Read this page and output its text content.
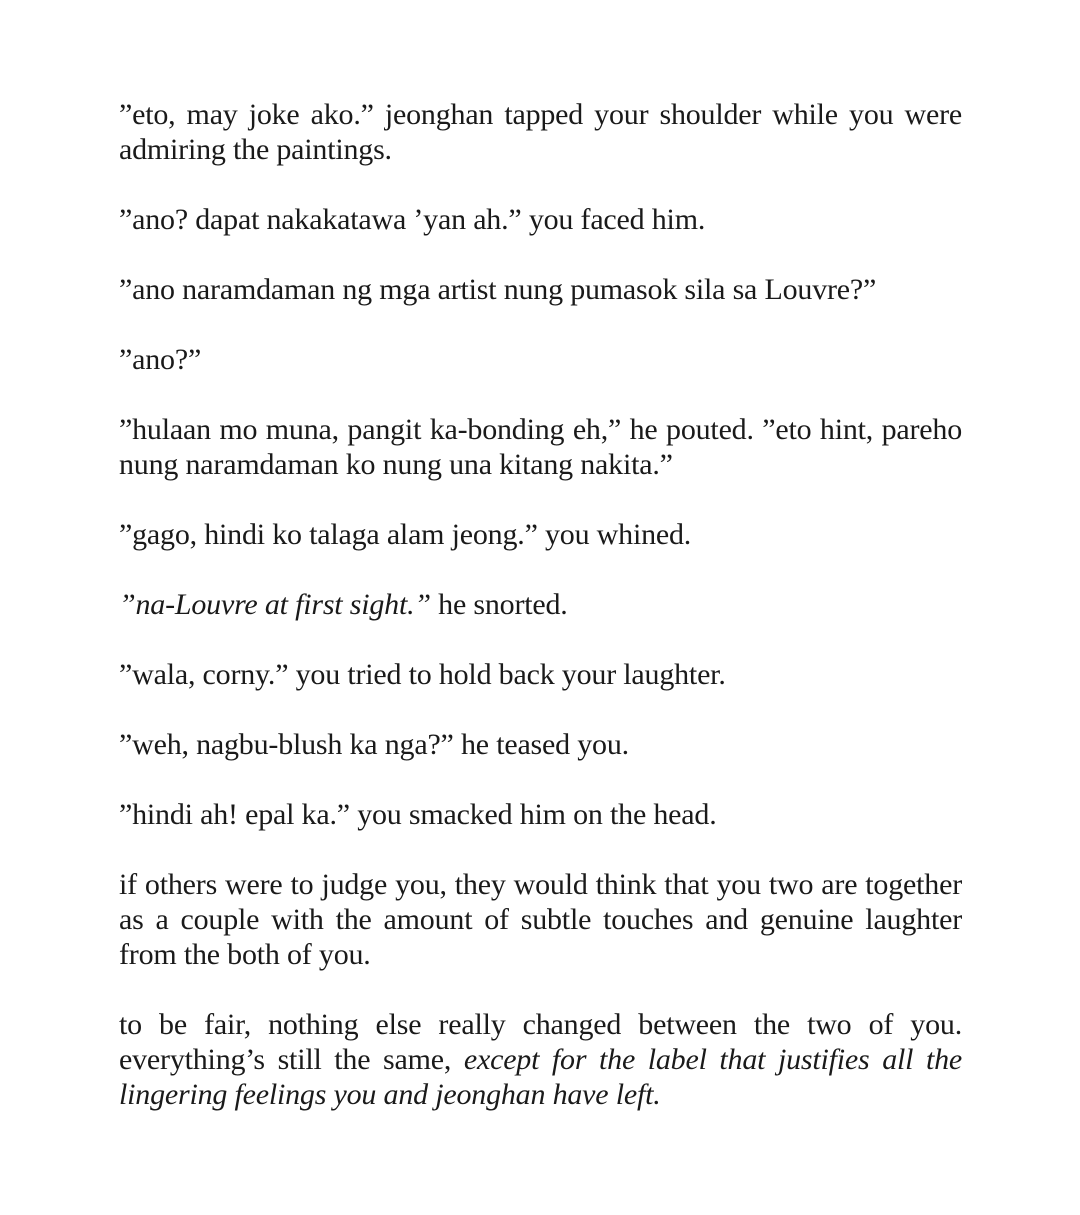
”eto, may joke ako.” jeonghan tapped your shoulder while you were admiring the paintings.

”ano? dapat nakakatawa ’yan ah.” you faced him.

”ano naramdaman ng mga artist nung pumasok sila sa Louvre?”

”ano?”

”hulaan mo muna, pangit ka-bonding eh,” he pouted. ”eto hint, pareho nung naramdaman ko nung una kitang nakita.”

”gago, hindi ko talaga alam jeong.” you whined.

”na-Louvre at first sight.” he snorted.

”wala, corny.” you tried to hold back your laughter.

”weh, nagbu-blush ka nga?” he teased you.

”hindi ah! epal ka.” you smacked him on the head.

if others were to judge you, they would think that you two are together as a couple with the amount of subtle touches and genuine laughter from the both of you.

to be fair, nothing else really changed between the two of you. everything’s still the same, except for the label that justifies all the lingering feelings you and jeonghan have left.
